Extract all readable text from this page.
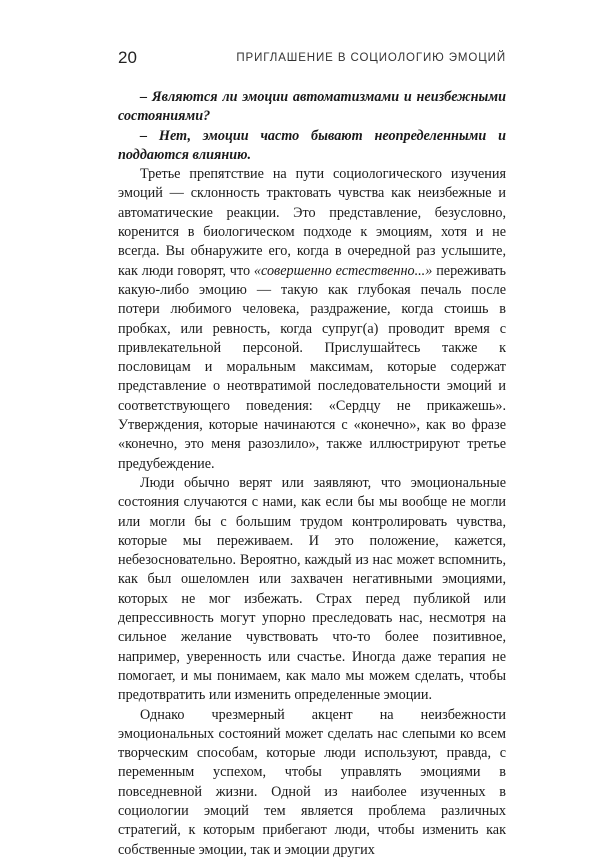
20	ПРИГЛАШЕНИЕ В СОЦИОЛОГИЮ ЭМОЦИЙ

– Являются ли эмоции автоматизмами и неизбежными состояниями?

– Нет, эмоции часто бывают неопределенными и поддаются влиянию.

Третье препятствие на пути социологического изучения эмоций — склонность трактовать чувства как неизбежные и автоматические реакции. Это представление, безусловно, коренится в биологическом подходе к эмоциям, хотя и не всегда. Вы обнаружите его, когда в очередной раз услышите, как люди говорят, что «совершенно естественно...» переживать какую-либо эмоцию — такую как глубокая печаль после потери любимого человека, раздражение, когда стоишь в пробках, или ревность, когда супруг(а) проводит время с привлекательной персоной. Прислушайтесь также к пословицам и моральным максимам, которые содержат представление о неотвратимой последовательности эмоций и соответствующего поведения: «Сердцу не прикажешь». Утверждения, которые начинаются с «конечно», как во фразе «конечно, это меня разозлило», также иллюстрируют третье предубеждение.

Люди обычно верят или заявляют, что эмоциональные состояния случаются с нами, как если бы мы вообще не могли или могли бы с большим трудом контролировать чувства, которые мы переживаем. И это положение, кажется, небезосновательно. Вероятно, каждый из нас может вспомнить, как был ошеломлен или захвачен негативными эмоциями, которых не мог избежать. Страх перед публикой или депрессивность могут упорно преследовать нас, несмотря на сильное желание чувствовать что-то более позитивное, например, уверенность или счастье. Иногда даже терапия не помогает, и мы понимаем, как мало мы можем сделать, чтобы предотвратить или изменить определенные эмоции.

Однако чрезмерный акцент на неизбежности эмоциональных состояний может сделать нас слепыми ко всем творческим способам, которые люди используют, правда, с переменным успехом, чтобы управлять эмоциями в повседневной жизни. Одной из наиболее изученных в социологии эмоций тем является проблема различных стратегий, к которым прибегают люди, чтобы изменить как собственные эмоции, так и эмоции других
